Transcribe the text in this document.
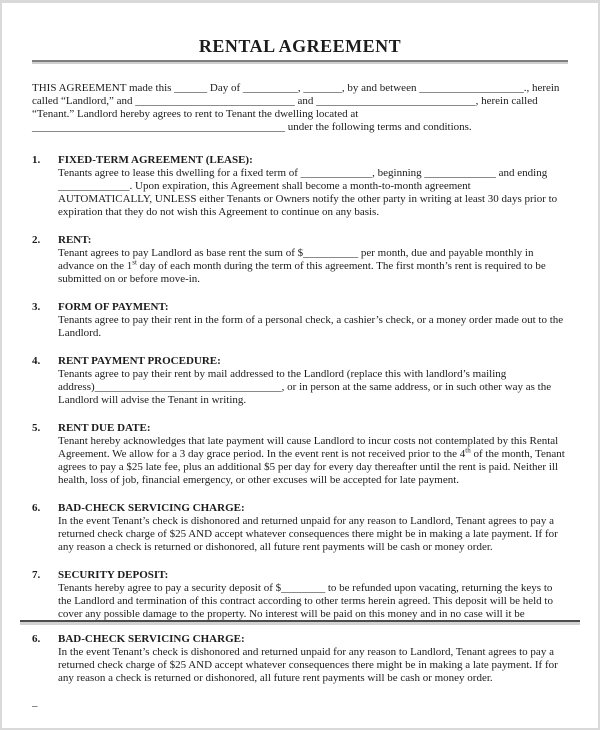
RENTAL AGREEMENT

THIS AGREEMENT made this ______ Day of __________, _______, by and between ___________________., herein called “Landlord,” and _____________________________ and _____________________________, herein called “Tenant.” Landlord hereby agrees to rent to Tenant the dwelling located at
______________________________________________ under the following terms and conditions.

1.	FIXED-TERM AGREEMENT (LEASE):

Tenants agree to lease this dwelling for a fixed term of _____________, beginning _____________ and ending _____________. Upon expiration, this Agreement shall become a month-to-month agreement
AUTOMATICALLY, UNLESS either Tenants or Owners notify the other party in writing at least 30 days prior to expiration that they do not wish this Agreement to continue on any basis.

2.	RENT:

Tenant agrees to pay Landlord as base rent the sum of $__________ per month, due and payable monthly in advance on the 1st day of each month during the term of this agreement. The first month’s rent is required to be submitted on or before move-in.

3.	FORM OF PAYMENT:

Tenants agree to pay their rent in the form of a personal check, a cashier’s check, or a money order made out to the Landlord.

4.	RENT PAYMENT PROCEDURE:

Tenants agree to pay their rent by mail addressed to the Landlord (replace this with landlord’s mailing address)__________________________________, or in person at the same address, or in such other way as the Landlord will advise the Tenant in writing.

5.	RENT DUE DATE:

Tenant hereby acknowledges that late payment will cause Landlord to incur costs not contemplated by this Rental Agreement. We allow for a 3 day grace period. In the event rent is not received prior to the 4th of the month, Tenant agrees to pay a $25 late fee, plus an additional $5 per day for every day thereafter until the rent is paid. Neither ill health, loss of job, financial emergency, or other excuses will be accepted for late payment.

6.	BAD-CHECK SERVICING CHARGE:

In the event Tenant’s check is dishonored and returned unpaid for any reason to Landlord, Tenant agrees to pay a returned check charge of $25 AND accept whatever consequences there might be in making a late payment. If for any reason a check is returned or dishonored, all future rent payments will be cash or money order.

7.	SECURITY DEPOSIT:

Tenants hereby agree to pay a security deposit of $________ to be refunded upon vacating, returning the keys to the Landlord and termination of this contract according to other terms herein agreed. This deposit will be held to cover any possible damage to the property. No interest will be paid on this money and in no case will it be

6.	BAD-CHECK SERVICING CHARGE:

In the event Tenant’s check is dishonored and returned unpaid for any reason to Landlord, Tenant agrees to pay a returned check charge of $25 AND accept whatever consequences there might be in making a late payment. If for any reason a check is returned or dishonored, all future rent payments will be cash or money order.

–
